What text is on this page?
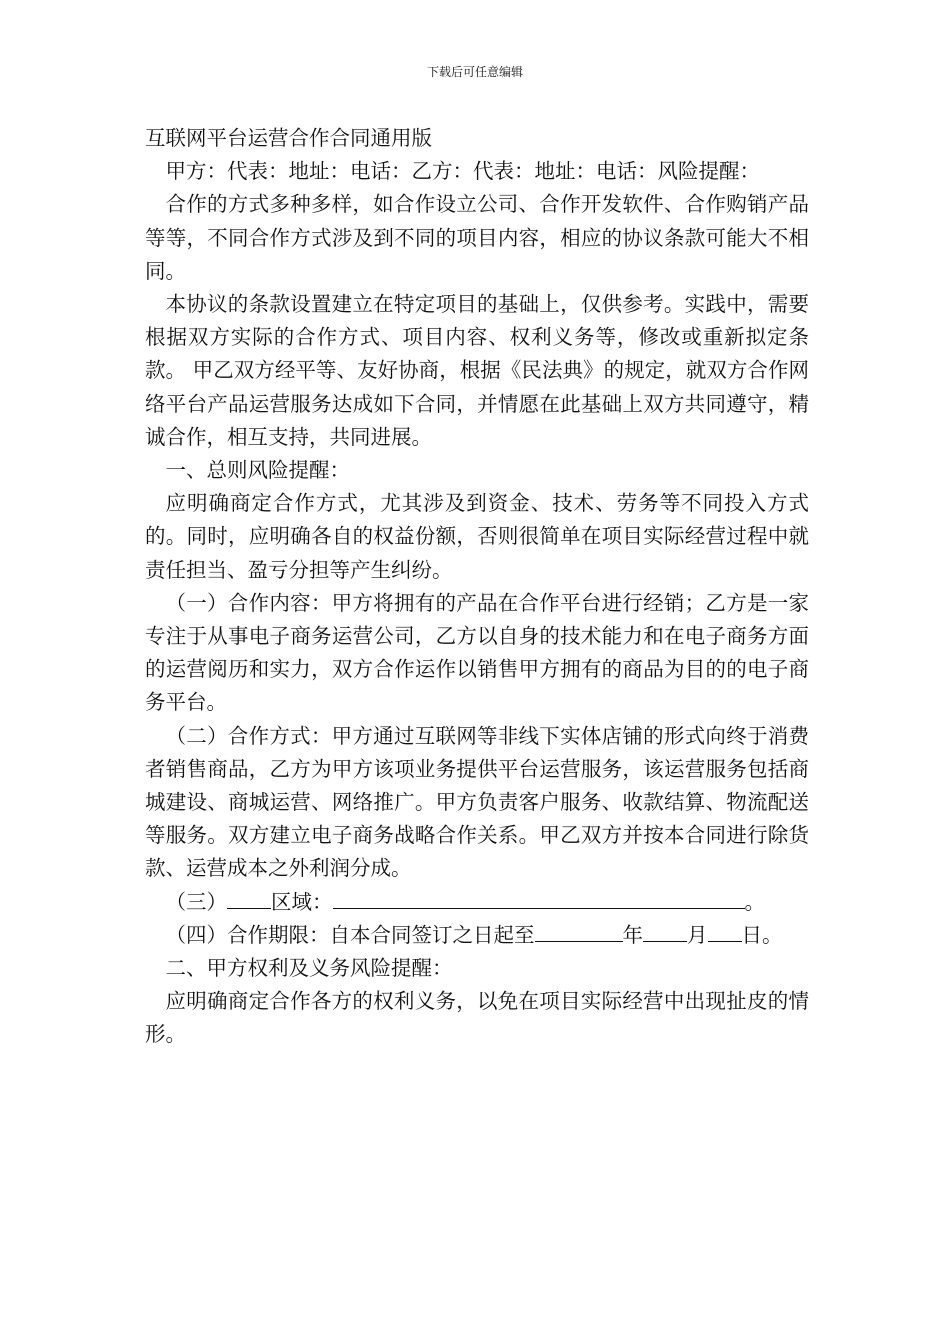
下载后可任意编辑
互联网平台运营合作合同通用版

甲方：代表：地址：电话：乙方：代表：地址：电话：风险提醒：

合作的方式多种多样，如合作设立公司、合作开发软件、合作购销产品等等，不同合作方式涉及到不同的项目内容，相应的协议条款可能大不相同。

本协议的条款设置建立在特定项目的基础上，仅供参考。实践中，需要根据双方实际的合作方式、项目内容、权利义务等，修改或重新拟定条款。 甲乙双方经平等、友好协商，根据《民法典》的规定，就双方合作网络平台产品运营服务达成如下合同，并情愿在此基础上双方共同遵守，精诚合作，相互支持，共同进展。

一、总则风险提醒：

应明确商定合作方式，尤其涉及到资金、技术、劳务等不同投入方式的。同时，应明确各自的权益份额，否则很简单在项目实际经营过程中就责任担当、盈亏分担等产生纠纷。

（一）合作内容：甲方将拥有的产品在合作平台进行经销；乙方是一家专注于从事电子商务运营公司，乙方以自身的技术能力和在电子商务方面的运营阅历和实力，双方合作运作以销售甲方拥有的商品为目的的电子商务平台。

（二）合作方式：甲方通过互联网等非线下实体店铺的形式向终于消费者销售商品，乙方为甲方该项业务提供平台运营服务，该运营服务包括商城建设、商城运营、网络推广。甲方负责客户服务、收款结算、物流配送等服务。双方建立电子商务战略合作关系。甲乙双方并按本合同进行除货款、运营成本之外利润分成。

（三） 区域：	。

（四）合作期限：自本合同签订之日起至	年 月 日。

二、甲方权利及义务风险提醒：

应明确商定合作各方的权利义务，以免在项目实际经营中出现扯皮的情形。
